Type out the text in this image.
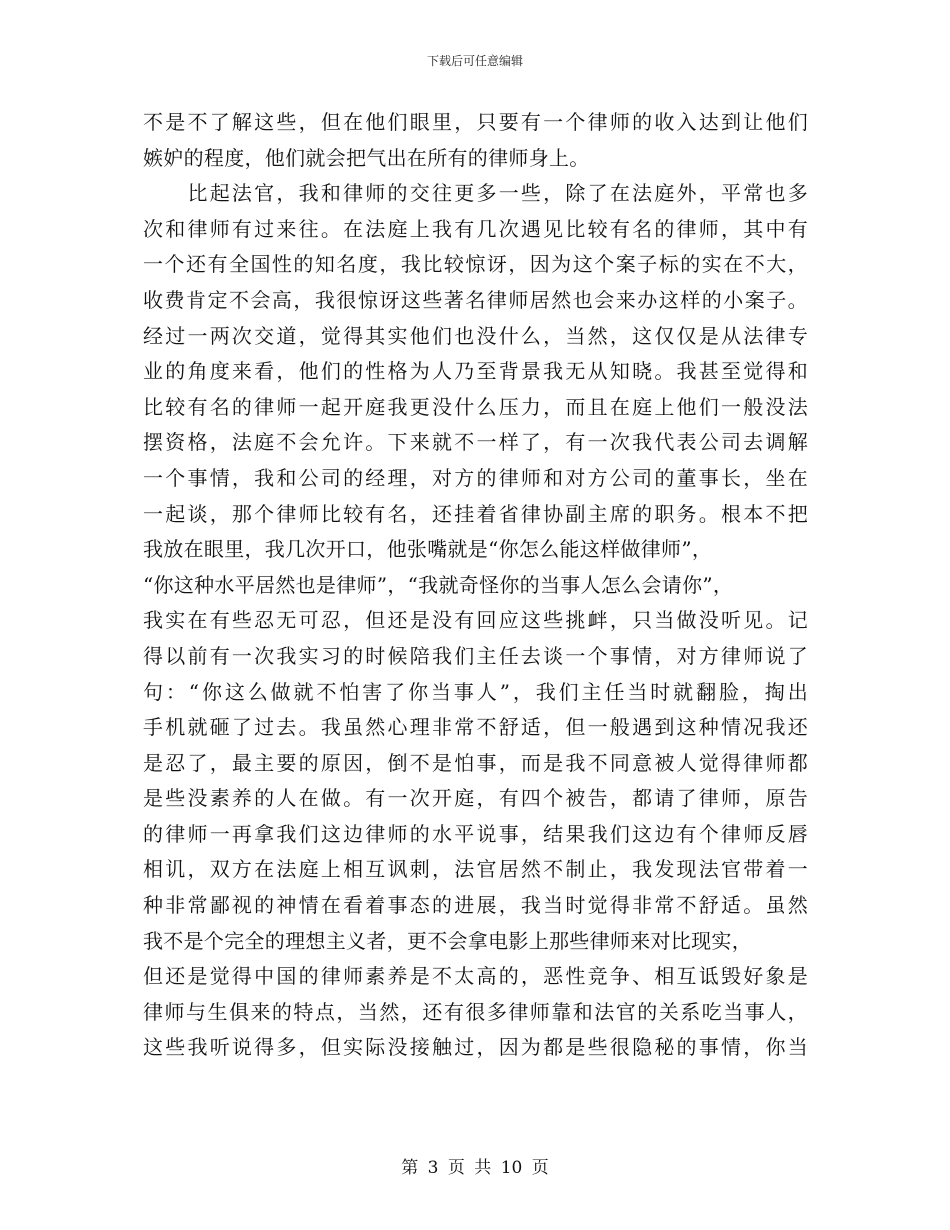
下载后可任意编辑
不是不了解这些，但在他们眼里，只要有一个律师的收入达到让他们
嫉妒的程度，他们就会把气出在所有的律师身上。
　　比起法官，我和律师的交往更多一些，除了在法庭外，平常也多
次和律师有过来往。在法庭上我有几次遇见比较有名的律师，其中有
一个还有全国性的知名度，我比较惊讶，因为这个案子标的实在不大，
收费肯定不会高，我很惊讶这些著名律师居然也会来办这样的小案子。
经过一两次交道，觉得其实他们也没什么，当然，这仅仅是从法律专
业的角度来看，他们的性格为人乃至背景我无从知晓。我甚至觉得和
比较有名的律师一起开庭我更没什么压力，而且在庭上他们一般没法
摆资格，法庭不会允许。下来就不一样了，有一次我代表公司去调解
一个事情，我和公司的经理，对方的律师和对方公司的董事长，坐在
一起谈，那个律师比较有名，还挂着省律协副主席的职务。根本不把
我放在眼里，我几次开口，他张嘴就是“你怎么能这样做律师”，
“你这种水平居然也是律师”，“我就奇怪你的当事人怎么会请你”，
我实在有些忍无可忍，但还是没有回应这些挑衅，只当做没听见。记
得以前有一次我实习的时候陪我们主任去谈一个事情，对方律师说了
句：“你这么做就不怕害了你当事人”，我们主任当时就翻脸，掏出
手机就砸了过去。我虽然心理非常不舒适，但一般遇到这种情况我还
是忍了，最主要的原因，倒不是怕事，而是我不同意被人觉得律师都
是些没素养的人在做。有一次开庭，有四个被告，都请了律师，原告
的律师一再拿我们这边律师的水平说事，结果我们这边有个律师反唇
相讥，双方在法庭上相互讽刺，法官居然不制止，我发现法官带着一
种非常鄙视的神情在看着事态的进展，我当时觉得非常不舒适。虽然
我不是个完全的理想主义者，更不会拿电影上那些律师来对比现实，
但还是觉得中国的律师素养是不太高的，恶性竞争、相互诋毁好象是
律师与生俱来的特点，当然，还有很多律师靠和法官的关系吃当事人，
这些我听说得多，但实际没接触过，因为都是些很隐秘的事情，你当
第 3 页 共 10 页
